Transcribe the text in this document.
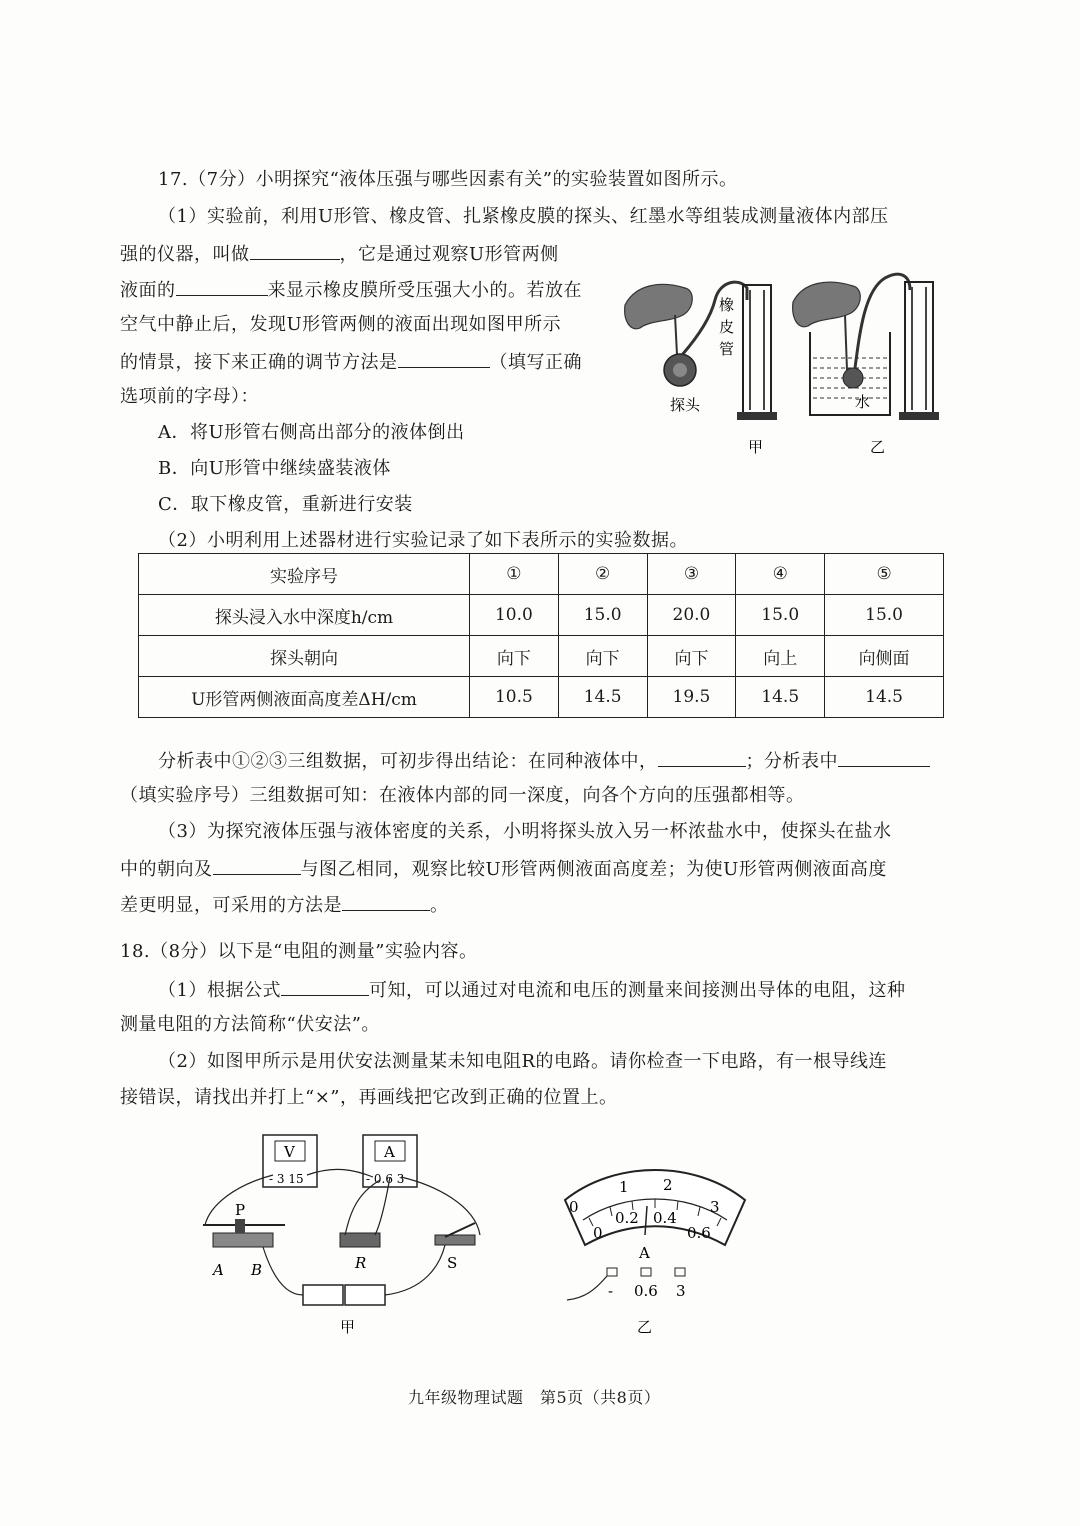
17.（7分）小明探究“液体压强与哪些因素有关”的实验装置如图所示。
（1）实验前，利用U形管、橡皮管、扎紧橡皮膜的探头、红墨水等组装成测量液体内部压
强的仪器，叫做	，它是通过观察U形管两侧
液面的	来显示橡皮膜所受压强大小的。若放在
空气中静止后，发现U形管两侧的液面出现如图甲所示
的情景，接下来正确的调节方法是	（填写正确
选项前的字母）：
A．将U形管右侧高出部分的液体倒出
B．向U形管中继续盛装液体
C．取下橡皮管，重新进行安装
（2）小明利用上述器材进行实验记录了如下表所示的实验数据。
橡
皮
管
探头	水
甲	乙
实验序号	①	②	③	④	⑤
探头浸入水中深度h/cm	10.0	15.0	20.0	15.0	15.0
探头朝向	向下	向下	向下	向上	向侧面
U形管两侧液面高度差ΔH/cm	10.5	14.5	19.5	14.5	14.5
分析表中①②③三组数据，可初步得出结论：在同种液体中，	；分析表中
（填实验序号）三组数据可知：在液体内部的同一深度，向各个方向的压强都相等。
（3）为探究液体压强与液体密度的关系，小明将探头放入另一杯浓盐水中，使探头在盐水
中的朝向及	与图乙相同，观察比较U形管两侧液面高度差；为使U形管两侧液面高度
差更明显，可采用的方法是	。
18.（8分）以下是“电阻的测量”实验内容。
（1）根据公式	可知，可以通过对电流和电压的测量来间接测出导体的电阻，这种
测量电阻的方法简称“伏安法”。
（2）如图甲所示是用伏安法测量某未知电阻R的电路。请你检查一下电路，有一根导线连
接错误，请找出并打上“×”，再画线把它改到正确的位置上。
V
- 3 15
A
- 0.6 3
P
A B	R	S
甲
0
1 2
3
0
0.2 0.4
0.6
A
- 0.6 3
乙
九年级物理试题　第5页（共8页）
